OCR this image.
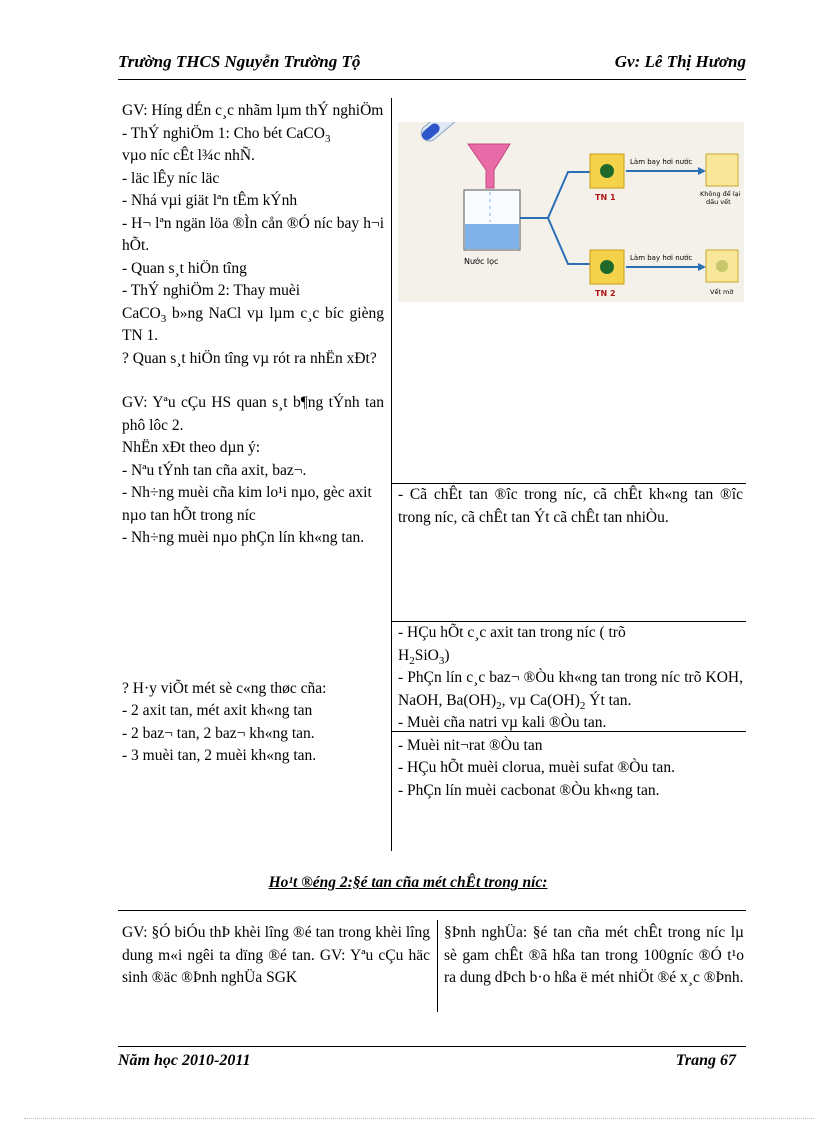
Trường THCS Nguyễn Trường Tộ	Gv: Lê Thị Hương

GV: Híng dÉn c¸c nhãm lµm thÝ nghiÖm

- ThÝ nghiÖm 1: Cho bét CaCO$_3$

vµo níc cÊt l¾c nhÑ.

- läc lÊy níc läc

- Nhá vµi giät lªn tÊm kÝnh

- H¬ lªn ngän löa ®Ìn cån ®Ó níc bay h¬i hÕt.

- Quan s¸t hiÖn tîng

- ThÝ nghiÖm 2: Thay muèi

CaCO$_3$ b»ng NaCl vµ lµm c¸c bíc gièng TN 1.

? Quan s¸t hiÖn tîng vµ rót ra nhËn xÐt?

GV: Yªu cÇu HS quan s¸t b¶ng tÝnh tan phô lôc 2.

NhËn xÐt theo dµn ý:

- Nªu tÝnh tan cña axit, baz¬.

- Nh÷ng muèi cña kim lo¹i nµo, gèc axit nµo tan hÕt trong níc

- Nh÷ng muèi nµo phÇn lín kh«ng tan.

? H·y viÕt mét sè c«ng thøc cña:

- 2 axit tan, mét axit kh«ng tan

- 2 baz¬ tan, 2 baz¬ kh«ng tan.

- 3 muèi tan, 2 muèi kh«ng tan.

Nước lọc
TN 1
Làm bay hơi nước
Không để lại
dấu vết
TN 2
Làm bay hơi nước
Vết mờ

- Cã chÊt tan ®îc trong níc, cã chÊt kh«ng tan ®îc trong níc, cã chÊt tan Ýt cã chÊt tan nhiÒu.

- HÇu hÕt c¸c axit tan trong níc ( trõ
$H_2SiO_3$)

- PhÇn lín c¸c baz¬ ®Òu kh«ng tan trong níc trõ KOH, NaOH, $Ba(OH)_2$, vµ $Ca(OH)_2$ Ýt tan.

- Muèi cña natri vµ kali ®Òu tan.

- Muèi nit¬rat ®Òu tan

- HÇu hÕt muèi clorua, muèi sufat ®Òu tan.

- PhÇn lín muèi cacbonat ®Òu kh«ng tan.

Ho¹t ®éng 2:§é tan cña mét chÊt trong níc:

GV: §Ó biÓu thÞ khèi lîng ®é tan trong khèi lîng dung m«i ngêi ta dïng ®é tan. GV: Yªu cÇu häc sinh ®äc ®Þnh nghÜa SGK

§Þnh nghÜa: §é tan cña mét chÊt trong níc lµ sè gam chÊt ®ã hßa tan trong 100gníc ®Ó t¹o ra dung dÞch b·o hßa ë mét nhiÖt ®é x¸c ®Þnh.

Năm học 2010-2011	Trang 67
